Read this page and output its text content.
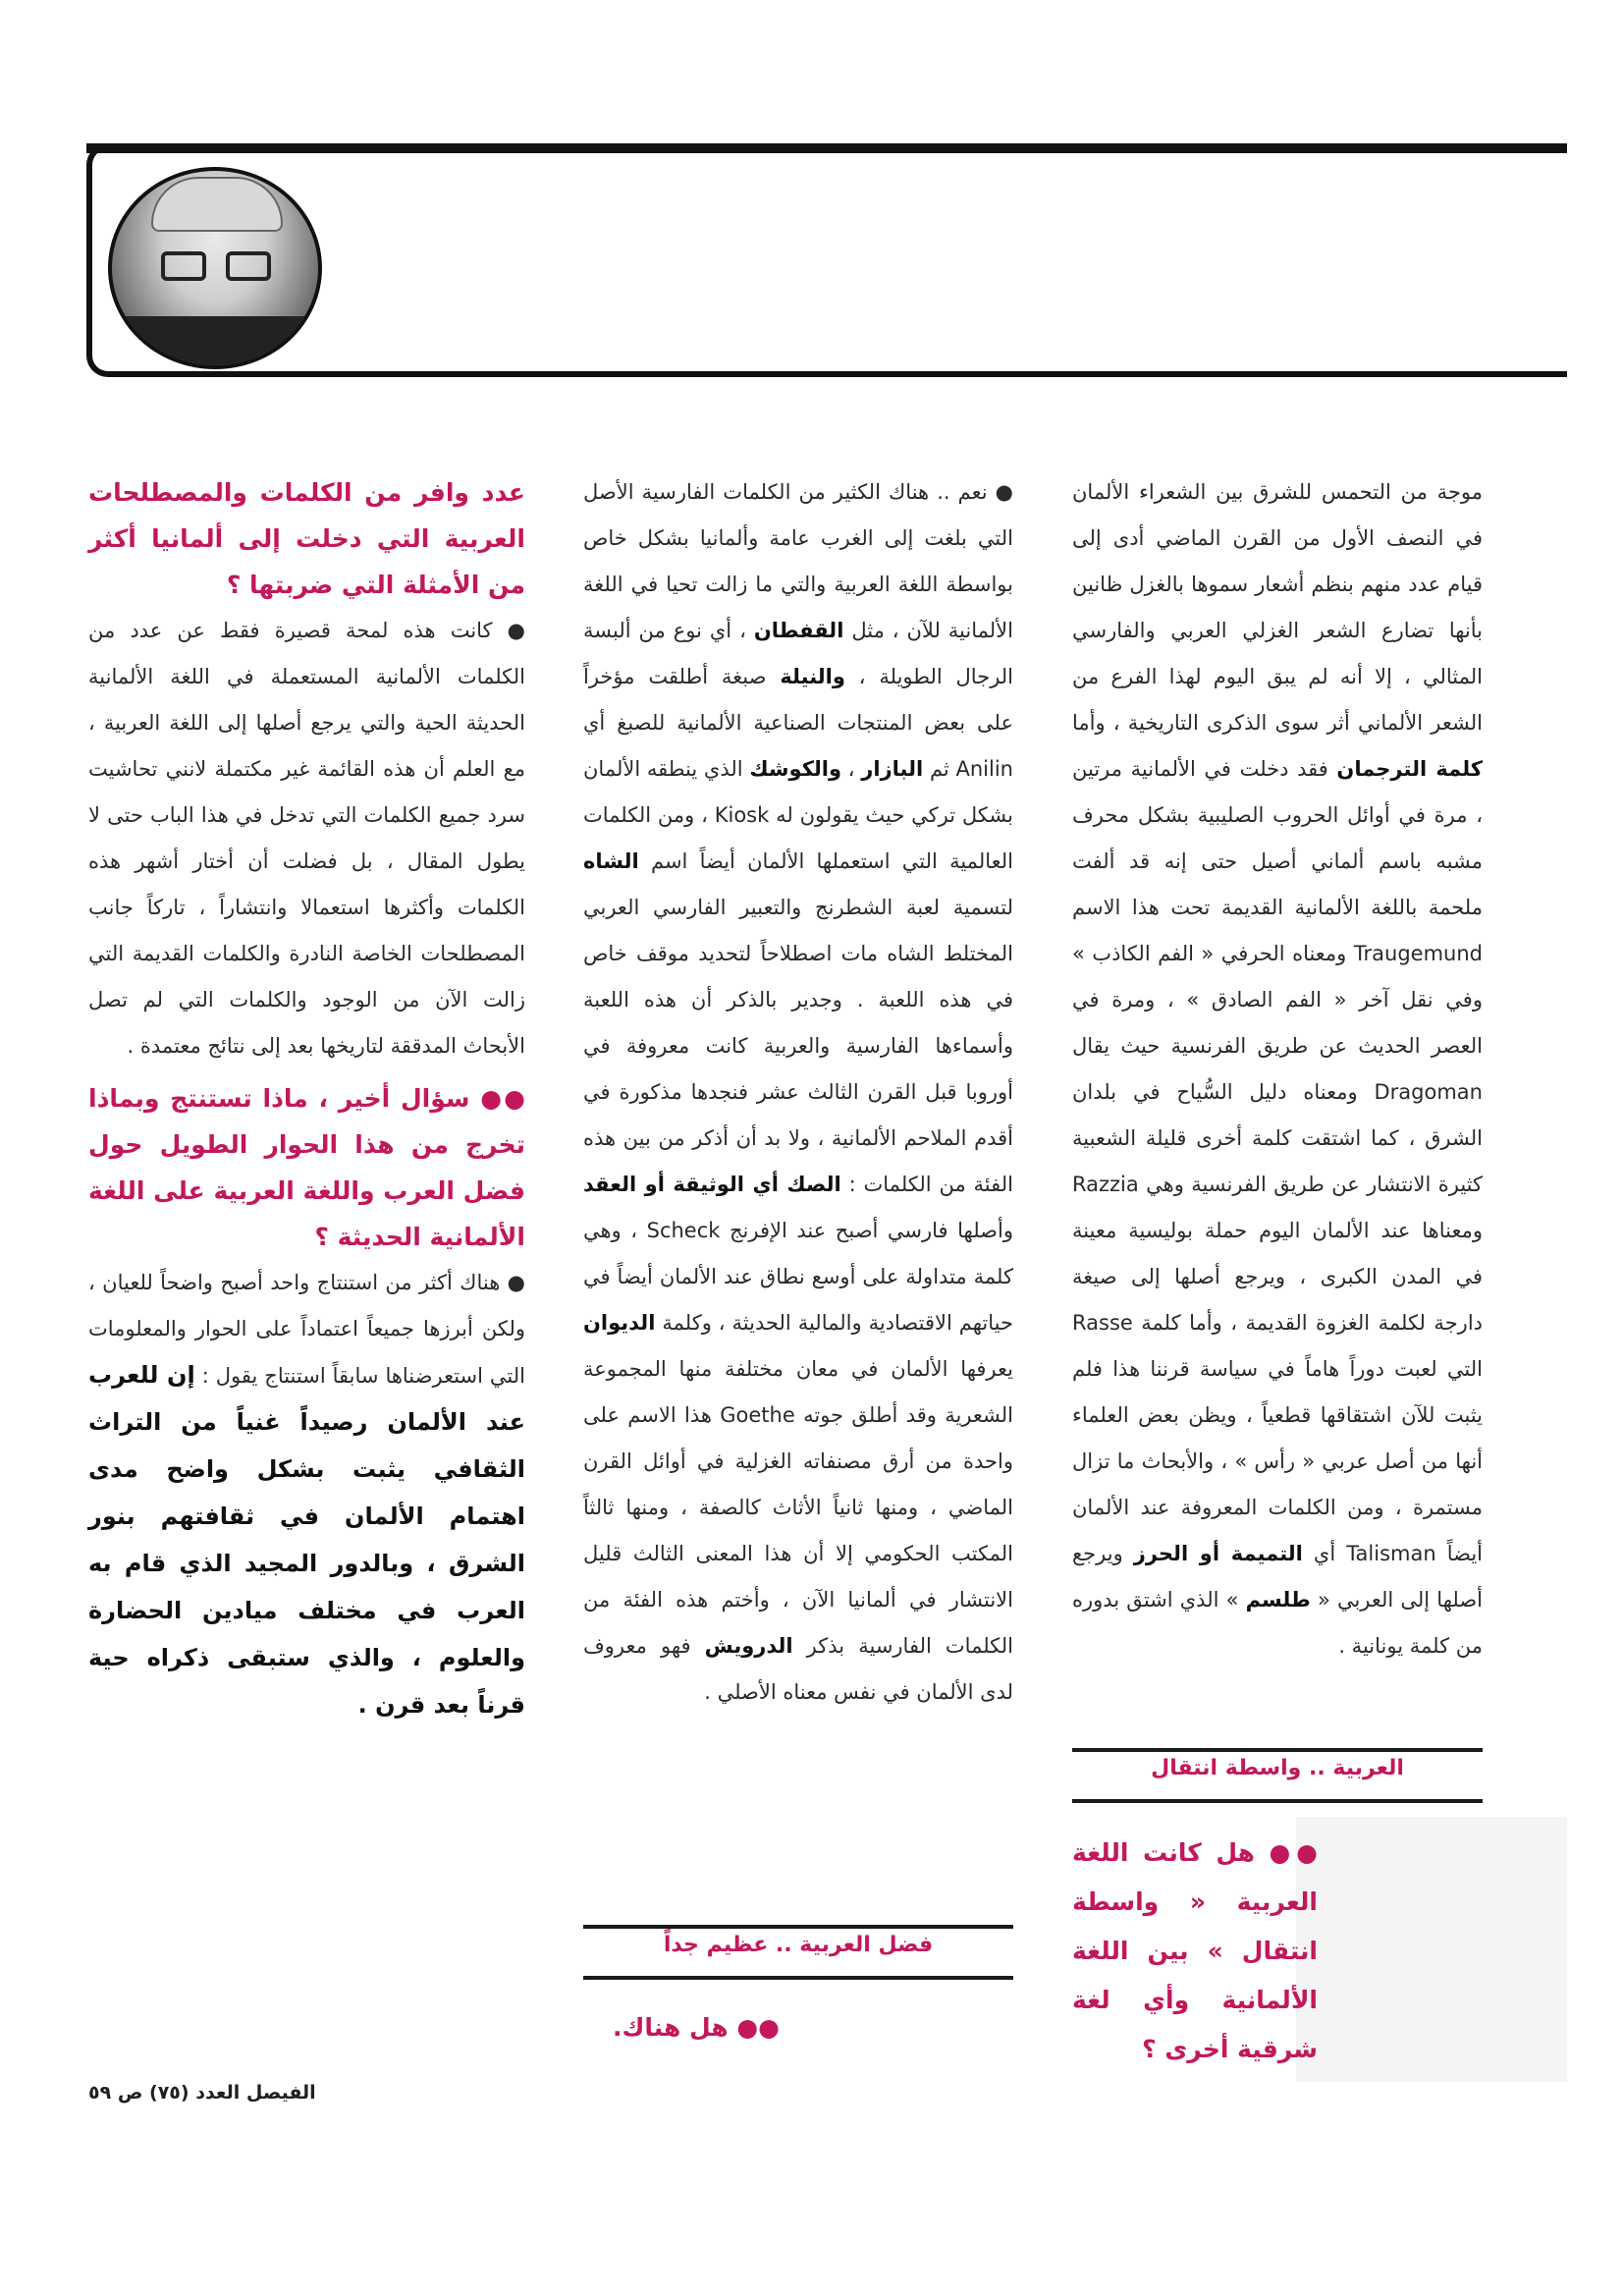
موجة من التحمس للشرق بين الشعراء الألمان في النصف الأول من القرن الماضي أدى إلى قيام عدد منهم بنظم أشعار سموها بالغزل ظانين بأنها تضارع الشعر الغزلي العربي والفارسي المثالي ، إلا أنه لم يبق اليوم لهذا الفرع من الشعر الألماني أثر سوى الذكرى التاريخية ، وأما كلمة الترجمان فقد دخلت في الألمانية مرتين ، مرة في أوائل الحروب الصليبية بشكل محرف مشبه باسم ألماني أصيل حتى إنه قد ألفت ملحمة باللغة الألمانية القديمة تحت هذا الاسم Traugemund ومعناه الحرفي « الفم الكاذب » وفي نقل آخر « الفم الصادق » ، ومرة في العصر الحديث عن طريق الفرنسية حيث يقال Dragoman ومعناه دليل السُّياح في بلدان الشرق ، كما اشتقت كلمة أخرى قليلة الشعبية كثيرة الانتشار عن طريق الفرنسية وهي Razzia ومعناها عند الألمان اليوم حملة بوليسية معينة في المدن الكبرى ، ويرجع أصلها إلى صيغة دارجة لكلمة الغزوة القديمة ، وأما كلمة Rasse التي لعبت دوراً هاماً في سياسة قرننا هذا فلم يثبت للآن اشتقاقها قطعياً ، ويظن بعض العلماء أنها من أصل عربي « رأس » ، والأبحاث ما تزال مستمرة ، ومن الكلمات المعروفة عند الألمان أيضاً Talisman أي التميمة أو الحرز ويرجع أصلها إلى العربي « طلسم » الذي اشتق بدوره من كلمة يونانية .

العربية .. واسطة انتقال

●● هل كانت اللغة العربية « واسطة انتقال » بين اللغة الألمانية وأي لغة شرقية أخرى ؟

● نعم .. هناك الكثير من الكلمات الفارسية الأصل التي بلغت إلى الغرب عامة وألمانيا بشكل خاص بواسطة اللغة العربية والتي ما زالت تحيا في اللغة الألمانية للآن ، مثل القفطان ، أي نوع من ألبسة الرجال الطويلة ، والنيلة صبغة أطلقت مؤخراً على بعض المنتجات الصناعية الألمانية للصبغ أي Anilin ثم البازار ، والكوشك الذي ينطقه الألمان بشكل تركي حيث يقولون له Kiosk ، ومن الكلمات العالمية التي استعملها الألمان أيضاً اسم الشاه لتسمية لعبة الشطرنج والتعبير الفارسي العربي المختلط الشاه مات اصطلاحاً لتحديد موقف خاص في هذه اللعبة . وجدير بالذكر أن هذه اللعبة وأسماءها الفارسية والعربية كانت معروفة في أوروبا قبل القرن الثالث عشر فنجدها مذكورة في أقدم الملاحم الألمانية ، ولا بد أن أذكر من بين هذه الفئة من الكلمات : الصك أي الوثيقة أو العقد وأصلها فارسي أصبح عند الإفرنج Scheck ، وهي كلمة متداولة على أوسع نطاق عند الألمان أيضاً في حياتهم الاقتصادية والمالية الحديثة ، وكلمة الديوان يعرفها الألمان في معان مختلفة منها المجموعة الشعرية وقد أطلق جوته Goethe هذا الاسم على واحدة من أرق مصنفاته الغزلية في أوائل القرن الماضي ، ومنها ثانياً الأثاث كالصفة ، ومنها ثالثاً المكتب الحكومي إلا أن هذا المعنى الثالث قليل الانتشار في ألمانيا الآن ، وأختم هذه الفئة من الكلمات الفارسية بذكر الدرويش فهو معروف لدى الألمان في نفس معناه الأصلي .

فضل العربية .. عظيم جداً

●● هل هناك.

عدد وافر من الكلمات والمصطلحات العربية التي دخلت إلى ألمانيا أكثر من الأمثلة التي ضربتها ؟

● كانت هذه لمحة قصيرة فقط عن عدد من الكلمات الألمانية المستعملة في اللغة الألمانية الحديثة الحية والتي يرجع أصلها إلى اللغة العربية ، مع العلم أن هذه القائمة غير مكتملة لانني تحاشيت سرد جميع الكلمات التي تدخل في هذا الباب حتى لا يطول المقال ، بل فضلت أن أختار أشهر هذه الكلمات وأكثرها استعمالا وانتشاراً ، تاركاً جانب المصطلحات الخاصة النادرة والكلمات القديمة التي زالت الآن من الوجود والكلمات التي لم تصل الأبحاث المدققة لتاريخها بعد إلى نتائج معتمدة .

●● سؤال أخير ، ماذا تستنتج وبماذا تخرج من هذا الحوار الطويل حول فضل العرب واللغة العربية على اللغة الألمانية الحديثة ؟

● هناك أكثر من استنتاج واحد أصبح واضحاً للعيان ، ولكن أبرزها جميعاً اعتماداً على الحوار والمعلومات التي استعرضناها سابقاً استنتاج يقول : إن للعرب عند الألمان رصيداً غنياً من التراث الثقافي يثبت بشكل واضح مدى اهتمام الألمان في ثقافتهم بنور الشرق ، وبالدور المجيد الذي قام به العرب في مختلف ميادين الحضارة والعلوم ، والذي ستبقى ذكراه حية قرناً بعد قرن .

الفيصل العدد (٧٥) ص ٥٩
